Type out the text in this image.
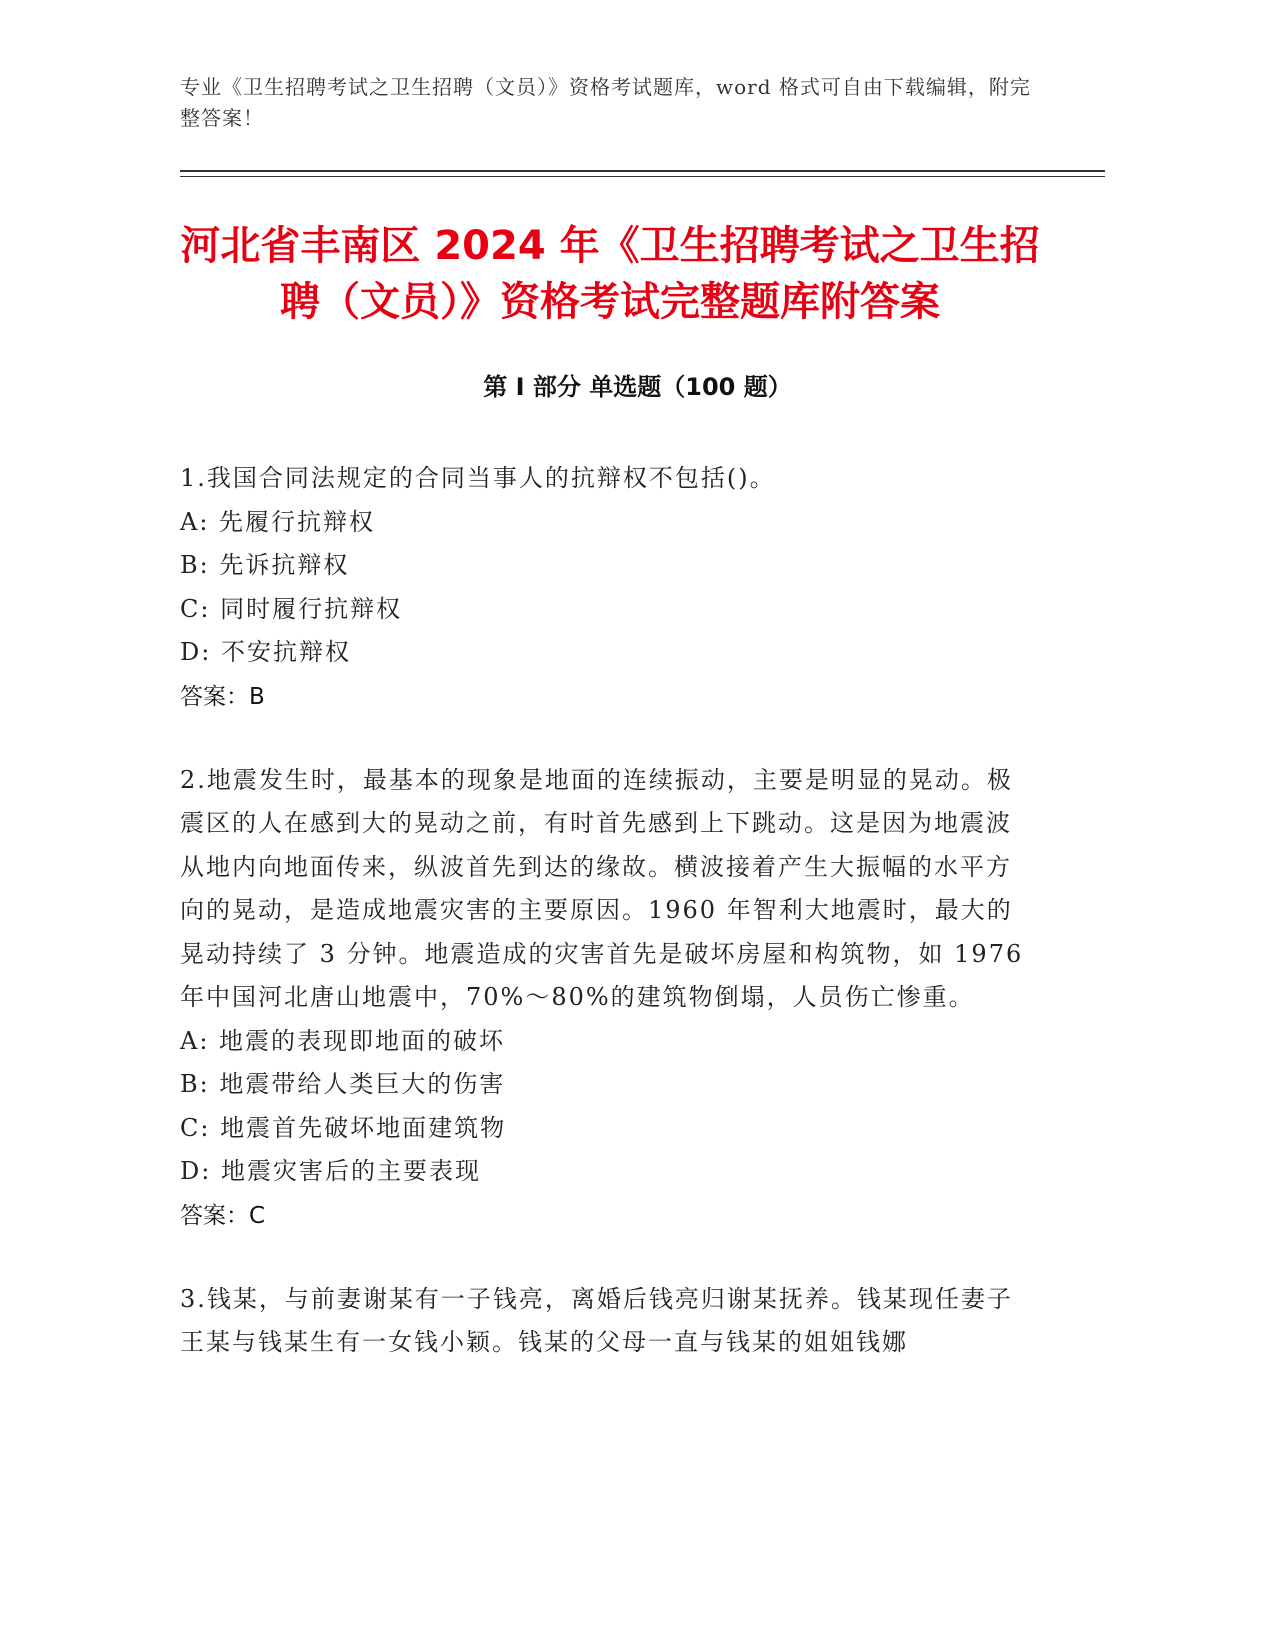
专业《卫生招聘考试之卫生招聘（文员）》资格考试题库，word 格式可自由下载编辑，附完整答案！
河北省丰南区 2024 年《卫生招聘考试之卫生招聘（文员）》资格考试完整题库附答案
第 I 部分 单选题（100 题）

1.我国合同法规定的合同当事人的抗辩权不包括()。

A: 先履行抗辩权

B: 先诉抗辩权

C: 同时履行抗辩权

D: 不安抗辩权

答案：B

2.地震发生时，最基本的现象是地面的连续振动，主要是明显的晃动。极震区的人在感到大的晃动之前，有时首先感到上下跳动。这是因为地震波从地内向地面传来，纵波首先到达的缘故。横波接着产生大振幅的水平方向的晃动，是造成地震灾害的主要原因。1960 年智利大地震时，最大的晃动持续了 3 分钟。地震造成的灾害首先是破坏房屋和构筑物，如 1976 年中国河北唐山地震中，70%～80%的建筑物倒塌，人员伤亡惨重。

A: 地震的表现即地面的破坏

B: 地震带给人类巨大的伤害

C: 地震首先破坏地面建筑物

D: 地震灾害后的主要表现

答案：C

3.钱某，与前妻谢某有一子钱亮，离婚后钱亮归谢某抚养。钱某现任妻子王某与钱某生有一女钱小颖。钱某的父母一直与钱某的姐姐钱娜
